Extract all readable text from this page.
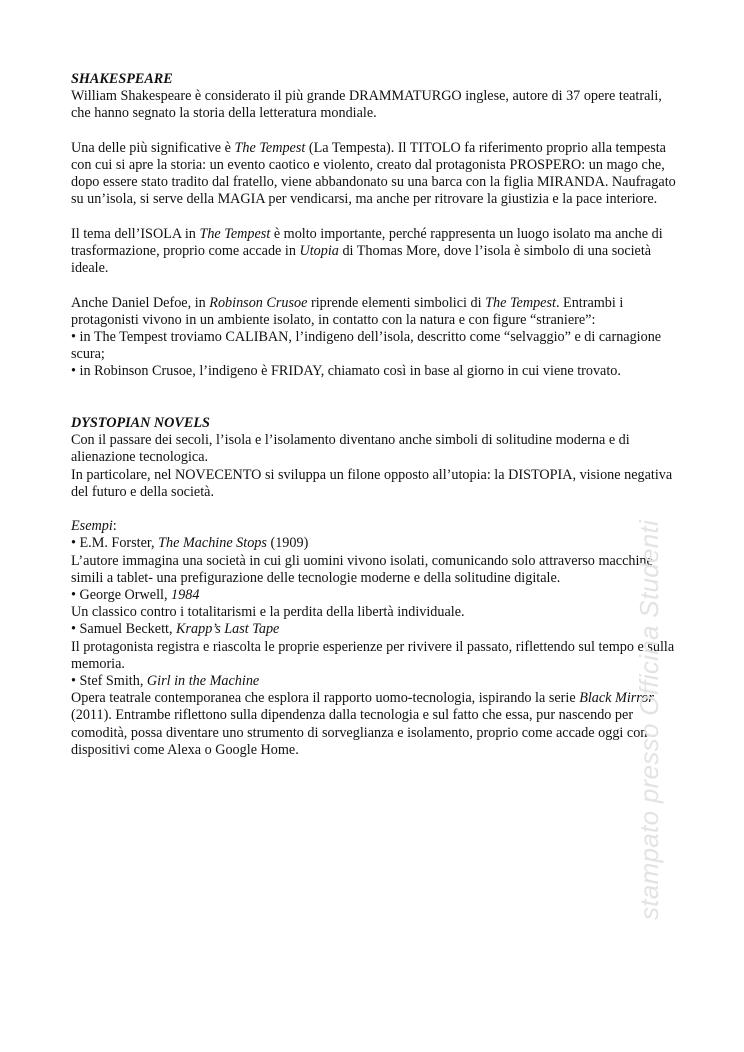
SHAKESPEARE

William Shakespeare è considerato il più grande DRAMMATURGO inglese, autore di 37 opere teatrali, che hanno segnato la storia della letteratura mondiale.

Una delle più significative è The Tempest (La Tempesta). Il TITOLO fa riferimento proprio alla tempesta con cui si apre la storia: un evento caotico e violento, creato dal protagonista PROSPERO: un mago che, dopo essere stato tradito dal fratello, viene abbandonato su una barca con la figlia MIRANDA. Naufragato su un’isola, si serve della MAGIA per vendicarsi, ma anche per ritrovare la giustizia e la pace interiore.

Il tema dell’ISOLA in The Tempest è molto importante, perché rappresenta un luogo isolato ma anche di trasformazione, proprio come accade in Utopia di Thomas More, dove l’isola è simbolo di una società ideale.

Anche Daniel Defoe, in Robinson Crusoe riprende elementi simbolici di The Tempest. Entrambi i protagonisti vivono in un ambiente isolato, in contatto con la natura e con figure “straniere”:

• in The Tempest troviamo CALIBAN, l’indigeno dell’isola, descritto come “selvaggio” e di carnagione scura;

• in Robinson Crusoe, l’indigeno è FRIDAY, chiamato così in base al giorno in cui viene trovato.

DYSTOPIAN NOVELS

Con il passare dei secoli, l’isola e l’isolamento diventano anche simboli di solitudine moderna e di alienazione tecnologica.

In particolare, nel NOVECENTO si sviluppa un filone opposto all’utopia: la DISTOPIA, visione negativa del futuro e della società.

Esempi:

• E.M. Forster, The Machine Stops (1909)

L’autore immagina una società in cui gli uomini vivono isolati, comunicando solo attraverso macchine simili a tablet- una prefigurazione delle tecnologie moderne e della solitudine digitale.

• George Orwell, 1984

Un classico contro i totalitarismi e la perdita della libertà individuale.

• Samuel Beckett, Krapp’s Last Tape

Il protagonista registra e riascolta le proprie esperienze per rivivere il passato, riflettendo sul tempo e sulla memoria.

• Stef Smith, Girl in the Machine

Opera teatrale contemporanea che esplora il rapporto uomo-tecnologia, ispirando la serie Black Mirror (2011). Entrambe riflettono sulla dipendenza dalla tecnologia e sul fatto che essa, pur nascendo per comodità, possa diventare uno strumento di sorveglianza e isolamento, proprio come accade oggi con dispositivi come Alexa o Google Home.	stampato presso Officina Studenti
